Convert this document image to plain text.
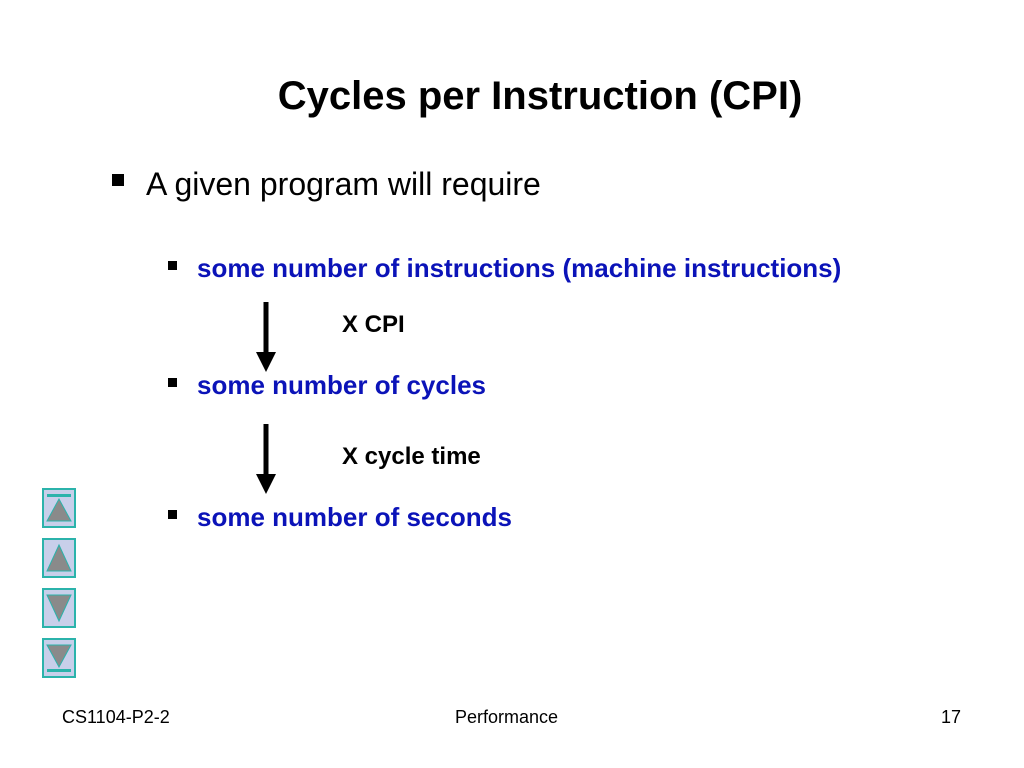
Cycles per Instruction (CPI)
A given program will require
some number of instructions (machine instructions)
X CPI
some number of cycles
X cycle time
some number of seconds
CS1104-P2-2	Performance	17
